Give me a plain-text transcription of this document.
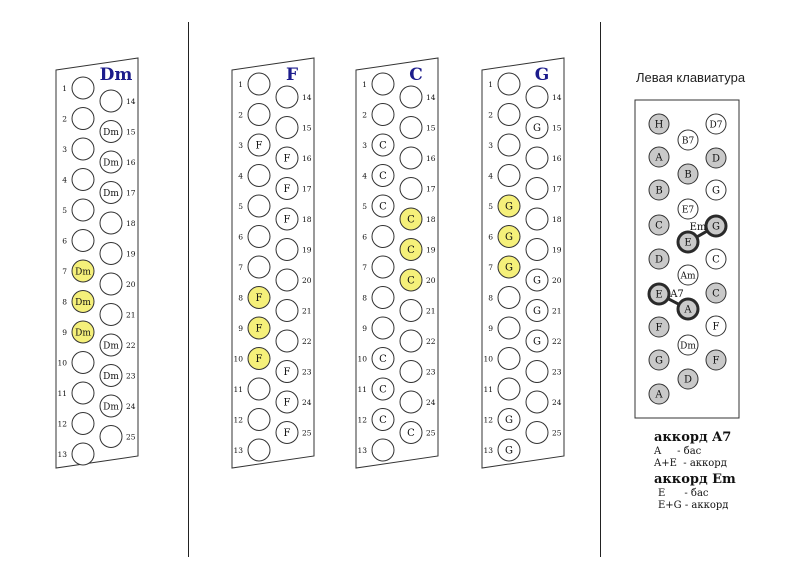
Dm
1
2
3
4
5
6
7 Dm
8 Dm
9 Dm
10
11
12
13
14
15
Dm
16
Dm
17
Dm
18
19
20
21
22
Dm
23
Dm
24
Dm
25
F
1
2
3 F
4
5
6
7
8 F
9 F
10 F
11
12
13
14
15
16
F
17
F
18
F
19
20
21
22
23
F
24
F
25
F
C
1
2
3 C
4 C
5 C
6
7
8
9
10 C
11 C
12 C
13
14
15
16
17
18
C
19
C
20
C
21
22
23
24
25
C
G
1
2
3
4
5 G
6 G
7 G
8
9
10
11
12 G
13 G
14
15
G
16
17
18
19
20
G
21
G
22
G
23
24
25
H
A
B
C
D
E
F
G
A
B7
B
E7
E
Am
A
Dm
D
D7
D
G
G
C
C
F
F
Em
A7
Левая клавиатура
аккорд A7
A     - бас
A+E  - аккорд
аккорд Em
E      - бас
E+G - аккорд
